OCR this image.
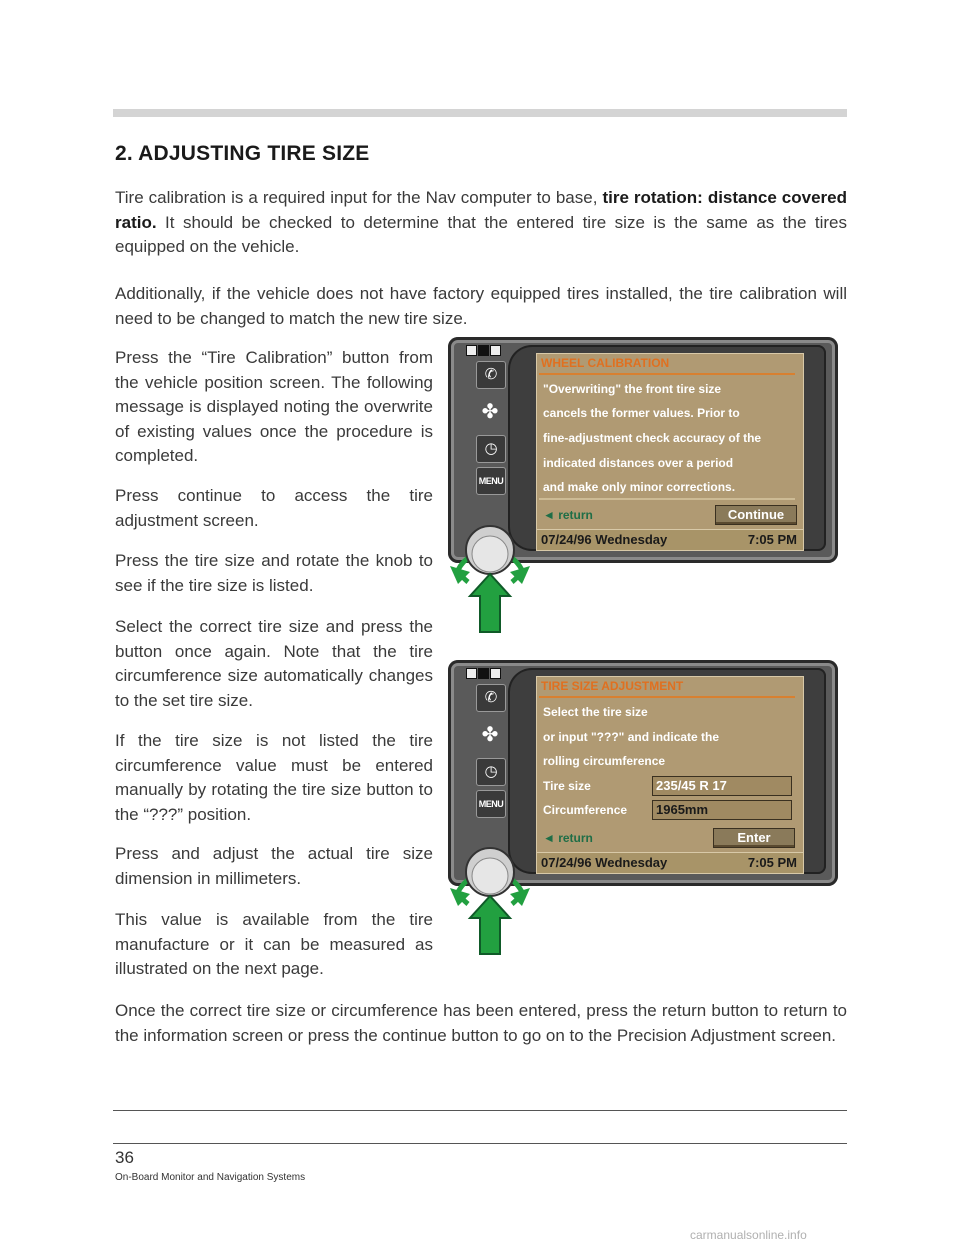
2. ADJUSTING TIRE SIZE

Tire calibration is a required input for the Nav computer to base, tire rotation: distance covered ratio. It should be checked to determine that the entered tire size is the same as the tires equipped on the vehicle.

Additionally, if the vehicle does not have factory equipped tires installed, the tire calibration will need to be changed to match the new tire size.

Press the “Tire Calibration” button from the vehicle position screen. The following message is displayed noting the overwrite of existing values once the procedure is completed.

Press continue to access the tire adjustment screen.

Press the tire size and rotate the knob to see if the tire size is listed.

Select the correct tire size and press the button once again. Note that the tire circumference size automatically changes to the set tire size.

If the tire size is not listed the tire circumference value must be entered manually by rotating the tire size button to the “???” position.

Press and adjust the actual tire size dimension in millimeters.

This value is available from the tire manufacture or it can be measured as illustrated on the next page.

✆
✤
◷
MENU
WHEEL CALIBRATION
"Overwriting" the front tire size
cancels the former values. Prior to
fine-adjustment check accuracy of the
indicated distances over a period
and make only minor corrections.
◄ return	Continue
07/24/96 Wednesday	7:05 PM
✆
✤
◷
MENU
TIRE SIZE ADJUSTMENT
Select the tire size
or input "???" and indicate the
rolling circumference
Tire size	235/45 R 17
Circumference	1965mm
◄ return	Enter
07/24/96 Wednesday	7:05 PM

Once the correct tire size or circumference has been entered, press the return button to return to the information screen or press the continue button to go on to the Precision Adjustment screen.

36
On-Board Monitor and Navigation Systems
carmanualsonline.info
